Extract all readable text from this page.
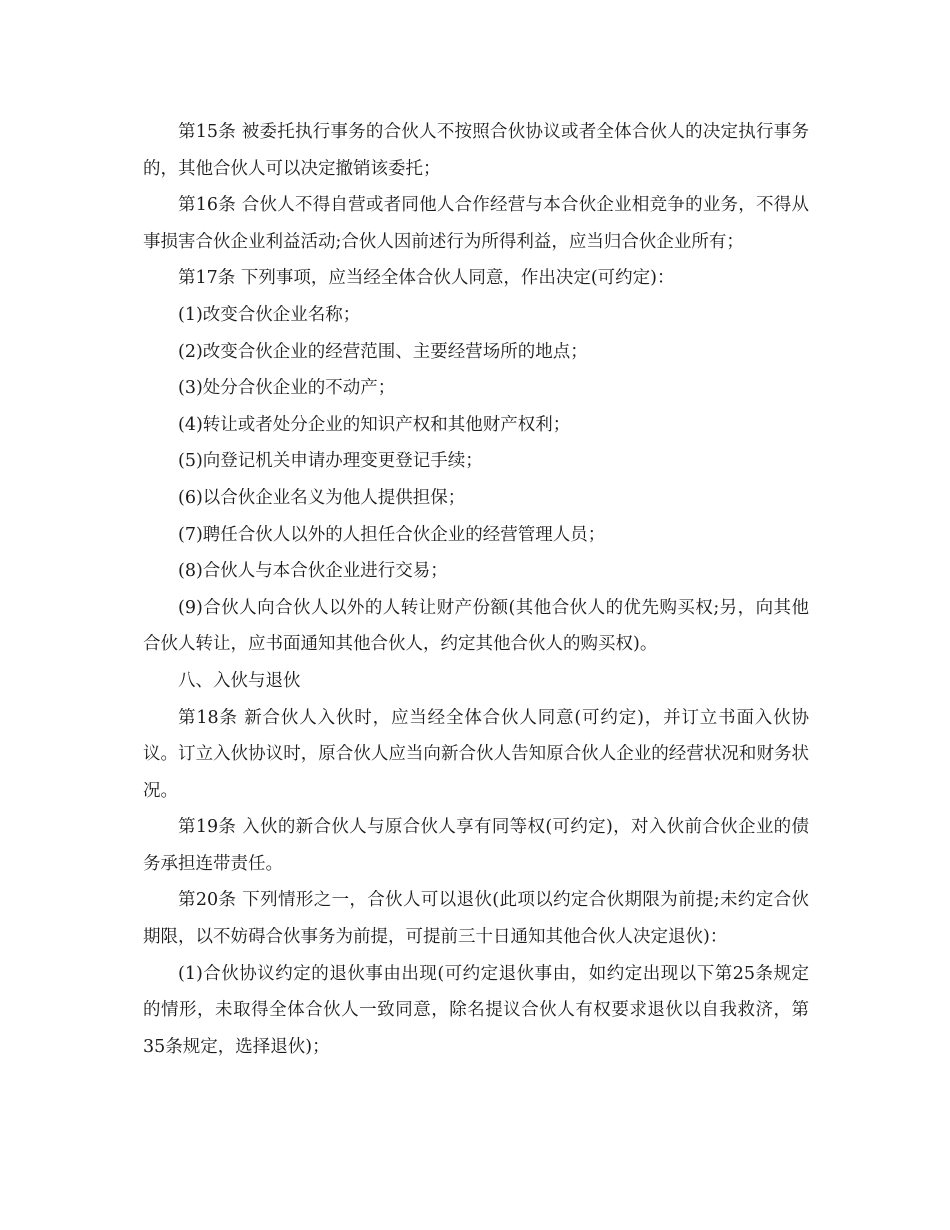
第15条 被委托执行事务的合伙人不按照合伙协议或者全体合伙人的决定执行事务的，其他合伙人可以决定撤销该委托；

第16条 合伙人不得自营或者同他人合作经营与本合伙企业相竞争的业务，不得从事损害合伙企业利益活动;合伙人因前述行为所得利益，应当归合伙企业所有；

第17条 下列事项，应当经全体合伙人同意，作出决定(可约定)：

(1)改变合伙企业名称；

(2)改变合伙企业的经营范围、主要经营场所的地点；

(3)处分合伙企业的不动产；

(4)转让或者处分企业的知识产权和其他财产权利；

(5)向登记机关申请办理变更登记手续；

(6)以合伙企业名义为他人提供担保；

(7)聘任合伙人以外的人担任合伙企业的经营管理人员；

(8)合伙人与本合伙企业进行交易；

(9)合伙人向合伙人以外的人转让财产份额(其他合伙人的优先购买权;另，向其他合伙人转让，应书面通知其他合伙人，约定其他合伙人的购买权)。

八、入伙与退伙

第18条 新合伙人入伙时，应当经全体合伙人同意(可约定)，并订立书面入伙协议。订立入伙协议时，原合伙人应当向新合伙人告知原合伙人企业的经营状况和财务状况。

第19条 入伙的新合伙人与原合伙人享有同等权(可约定)，对入伙前合伙企业的债务承担连带责任。

第20条 下列情形之一，合伙人可以退伙(此项以约定合伙期限为前提;未约定合伙期限，以不妨碍合伙事务为前提，可提前三十日通知其他合伙人决定退伙)：

(1)合伙协议约定的退伙事由出现(可约定退伙事由，如约定出现以下第25条规定的情形，未取得全体合伙人一致同意，除名提议合伙人有权要求退伙以自我救济，第35条规定，选择退伙)；
